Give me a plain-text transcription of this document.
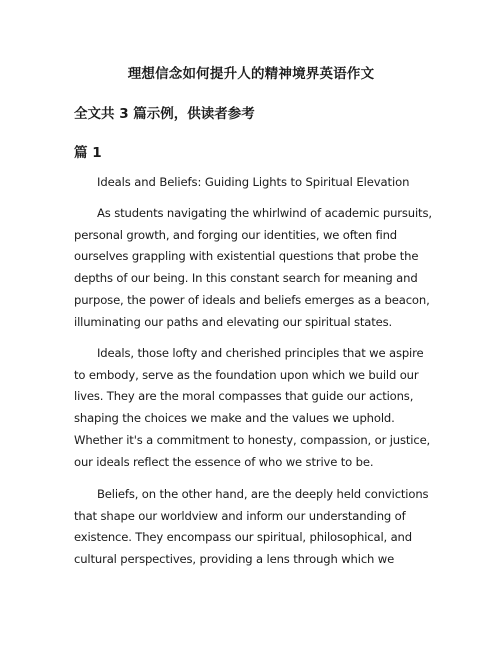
理想信念如何提升人的精神境界英语作文
全文共 3 篇示例，供读者参考
篇 1
Ideals and Beliefs: Guiding Lights to Spiritual Elevation
As students navigating the whirlwind of academic pursuits, personal growth, and forging our identities, we often find ourselves grappling with existential questions that probe the depths of our being. In this constant search for meaning and purpose, the power of ideals and beliefs emerges as a beacon, illuminating our paths and elevating our spiritual states.
Ideals, those lofty and cherished principles that we aspire to embody, serve as the foundation upon which we build our lives. They are the moral compasses that guide our actions, shaping the choices we make and the values we uphold. Whether it's a commitment to honesty, compassion, or justice, our ideals reflect the essence of who we strive to be.
Beliefs, on the other hand, are the deeply held convictions that shape our worldview and inform our understanding of existence. They encompass our spiritual, philosophical, and cultural perspectives, providing a lens through which we
